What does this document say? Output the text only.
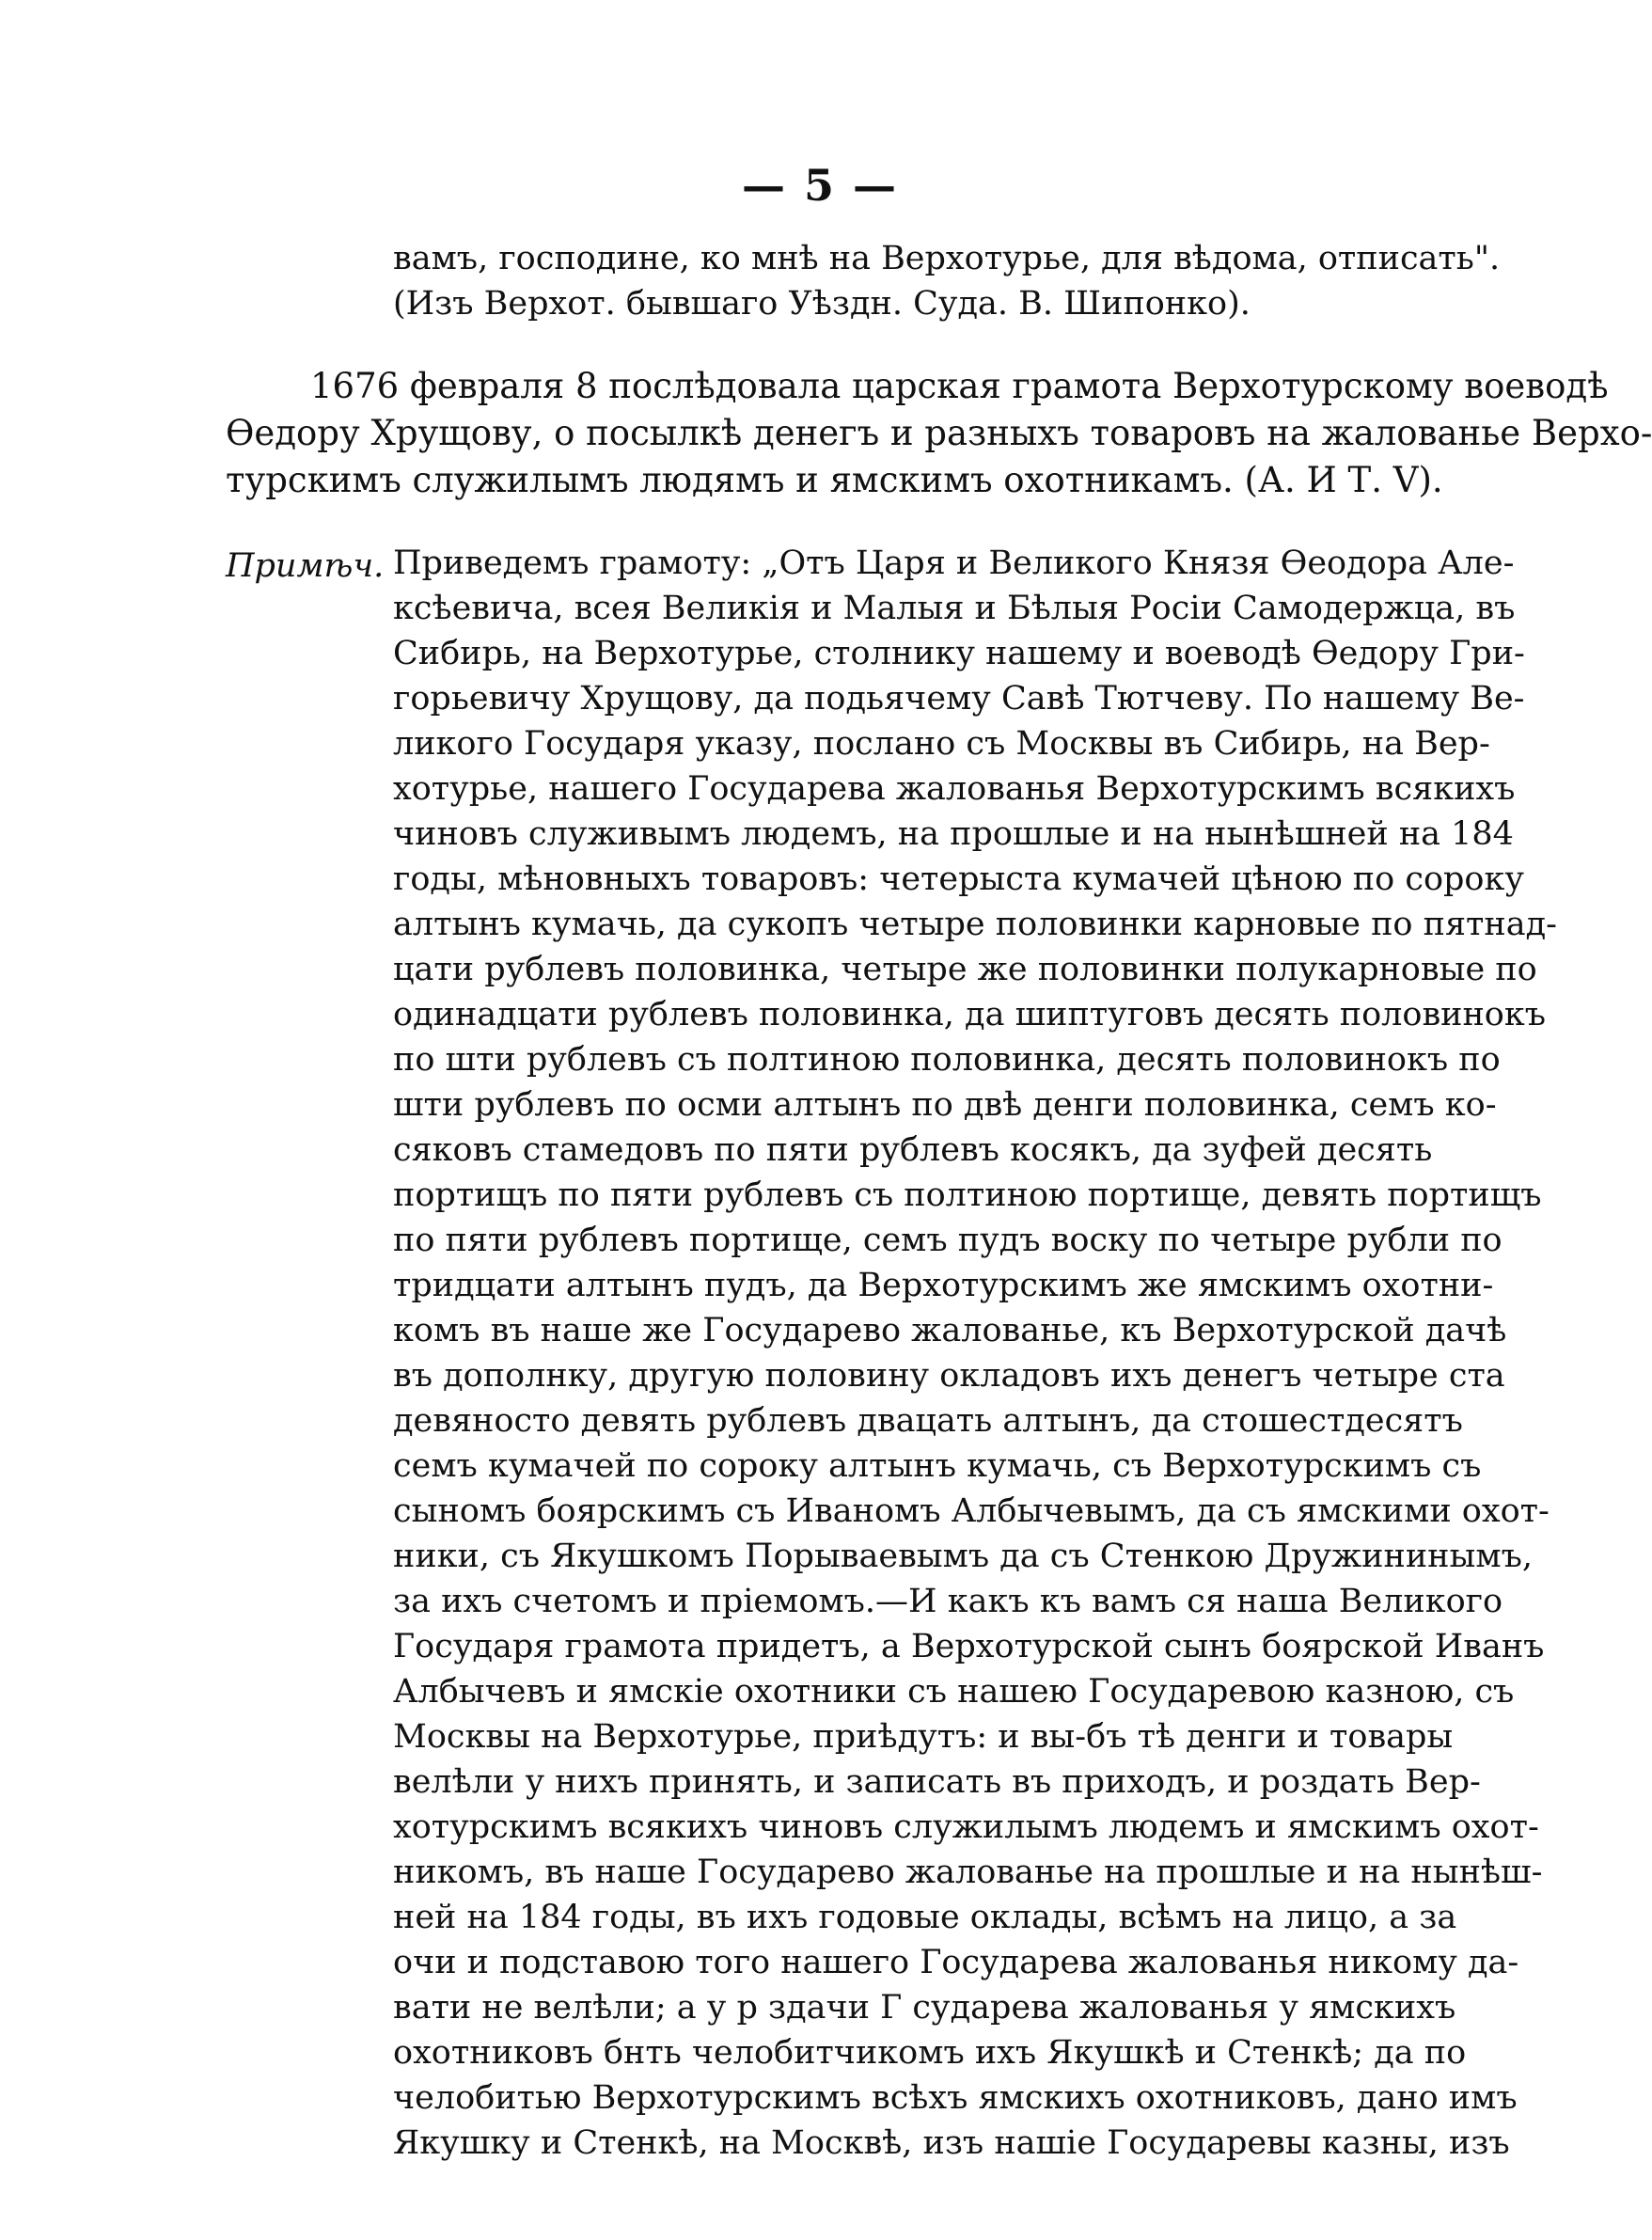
— 5 —
вамъ, господине, ко мнѣ на Верхотурье, для вѣдома, отписать".
(Изъ Верхот. бывшаго Уѣздн. Суда. В. Шипонко).
1676 февраля 8 послѣдовала царская грамота Верхотурскому воеводѣ
Ѳедору Хрущову, о посылкѣ денегъ и разныхъ товаровъ на жалованье Верхо-
турскимъ служилымъ людямъ и ямскимъ охотникамъ. (А. И Т. V).
Примѣч. Приведемъ грамоту: „Отъ Царя и Великого Князя Ѳеодора Але-
ксѣевича, всея Великія и Малыя и Бѣлыя Росіи Самодержца, въ
Сибирь, на Верхотурье, столнику нашему и воеводѣ Ѳедору Гри-
горьевичу Хрущову, да подьячему Савѣ Тютчеву. По нашему Ве-
ликого Государя указу, послано съ Москвы въ Сибирь, на Вер-
хотурье, нашего Государева жалованья Верхотурскимъ всякихъ
чиновъ служивымъ людемъ, на прошлые и на нынѣшней на 184
годы, мѣновныхъ товаровъ: четерыста кумачей цѣною по сороку
алтынъ кумачь, да сукопъ четыре половинки карновые по пятнад-
цати рублевъ половинка, четыре же половинки полукарновые по
одинадцати рублевъ половинка, да шиптуговъ десять половинокъ
по шти рублевъ съ полтиною половинка, десять половинокъ по
шти рублевъ по осми алтынъ по двѣ денги половинка, семъ ко-
сяковъ стамедовъ по пяти рублевъ косякъ, да зуфей десять
портищъ по пяти рублевъ съ полтиною портище, девять портищъ
по пяти рублевъ портищe, семъ пудъ воску по четыре рубли по
тридцати алтынъ пудъ, да Верхотурскимъ же ямскимъ охотни-
комъ въ наше же Государево жалованье, къ Верхотурской дачѣ
въ дополнку, другую половину окладовъ ихъ денегъ четыре ста
девяносто девять рублевъ двацать алтынъ, да стошестдесятъ
семъ кумачей по сороку алтынъ кумачь, съ Верхотурскимъ съ
сыномъ боярскимъ съ Иваномъ Албычевымъ, да съ ямскими охот-
ники, съ Якушкомъ Порываевымъ да съ Стенкою Дружининымъ,
за ихъ счетомъ и пріемомъ.—И какъ къ вамъ ся наша Великого
Государя грамота придетъ, а Верхотурской сынъ боярской Иванъ
Албычевъ и ямскіе охотники съ нашею Государевою казною, съ
Москвы на Верхотурье, приѣдутъ: и вы-бъ тѣ денги и товары
велѣли у нихъ принять, и записать въ приходъ, и роздать Вер-
хотурскимъ всякихъ чиновъ служилымъ людемъ и ямскимъ охот-
никомъ, въ наше Государево жалованье на прошлые и на нынѣш-
ней на 184 годы, въ ихъ годовые оклады, всѣмъ на лицо, а за
очи и подставою того нашего Государева жалованья никому да-
вати не велѣли; а у р здачи Г сударева жалованья у ямскихъ
охотниковъ бнть челобитчикомъ ихъ Якушкѣ и Стенкѣ; да по
челобитью Верхотурскимъ всѣхъ ямскихъ охотниковъ, дано имъ
Якушку и Стенкѣ, на Москвѣ, изъ нашіе Государевы казны, изъ
